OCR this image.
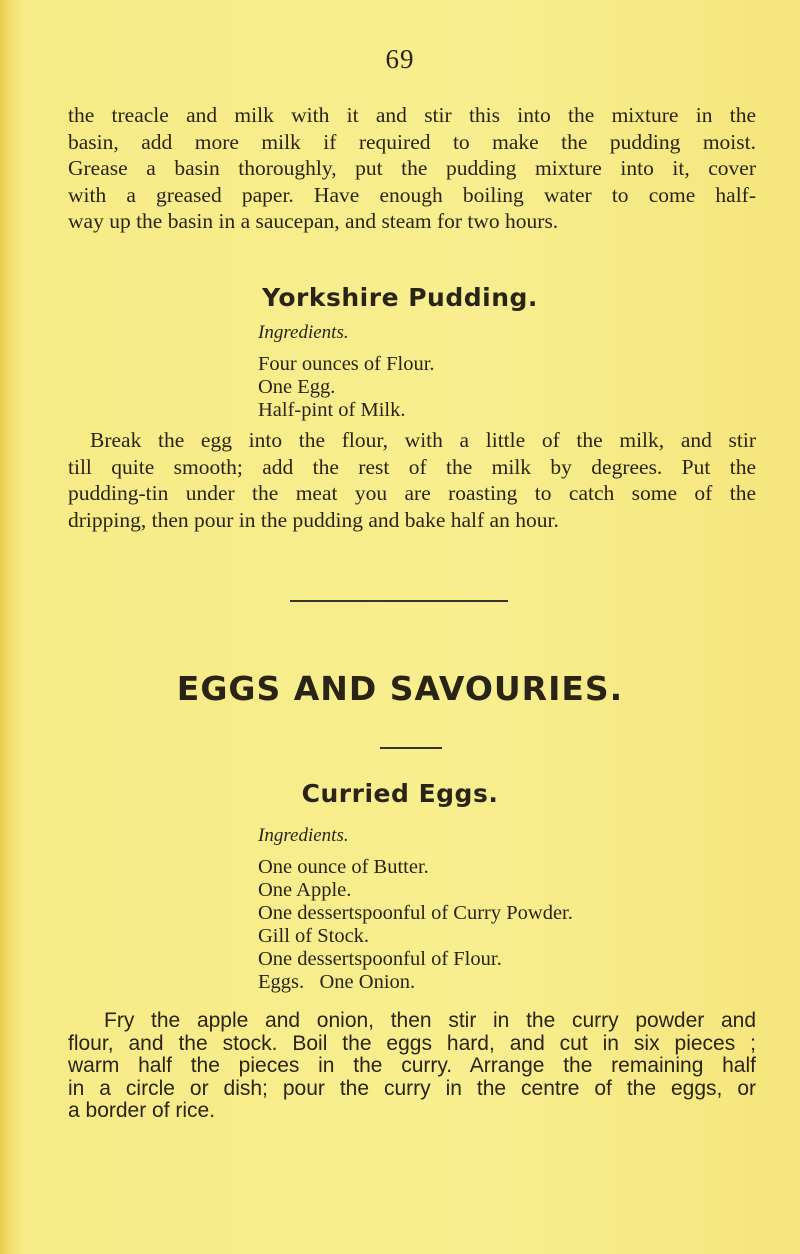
69
the treacle and milk with it and stir this into the mixture in the
basin, add more milk if required to make the pudding moist.
Grease a basin thoroughly, put the pudding mixture into it, cover
with a greased paper. Have enough boiling water to come half-
way up the basin in a saucepan, and steam for two hours.
Yorkshire Pudding.
Ingredients.
Four ounces of Flour.
One Egg.
Half-pint of Milk.
Break the egg into the flour, with a little of the milk, and stir
till quite smooth; add the rest of the milk by degrees. Put the
pudding-tin under the meat you are roasting to catch some of the
dripping, then pour in the pudding and bake half an hour.
EGGS AND SAVOURIES.
Curried Eggs.
Ingredients.
One ounce of Butter.
One Apple.
One dessertspoonful of Curry Powder.
Gill of Stock.
One dessertspoonful of Flour.
Eggs.   One Onion.
Fry the apple and onion, then stir in the curry powder and
flour, and the stock. Boil the eggs hard, and cut in six pieces ;
warm half the pieces in the curry. Arrange the remaining half
in a circle or dish; pour the curry in the centre of the eggs, or
a border of rice.
